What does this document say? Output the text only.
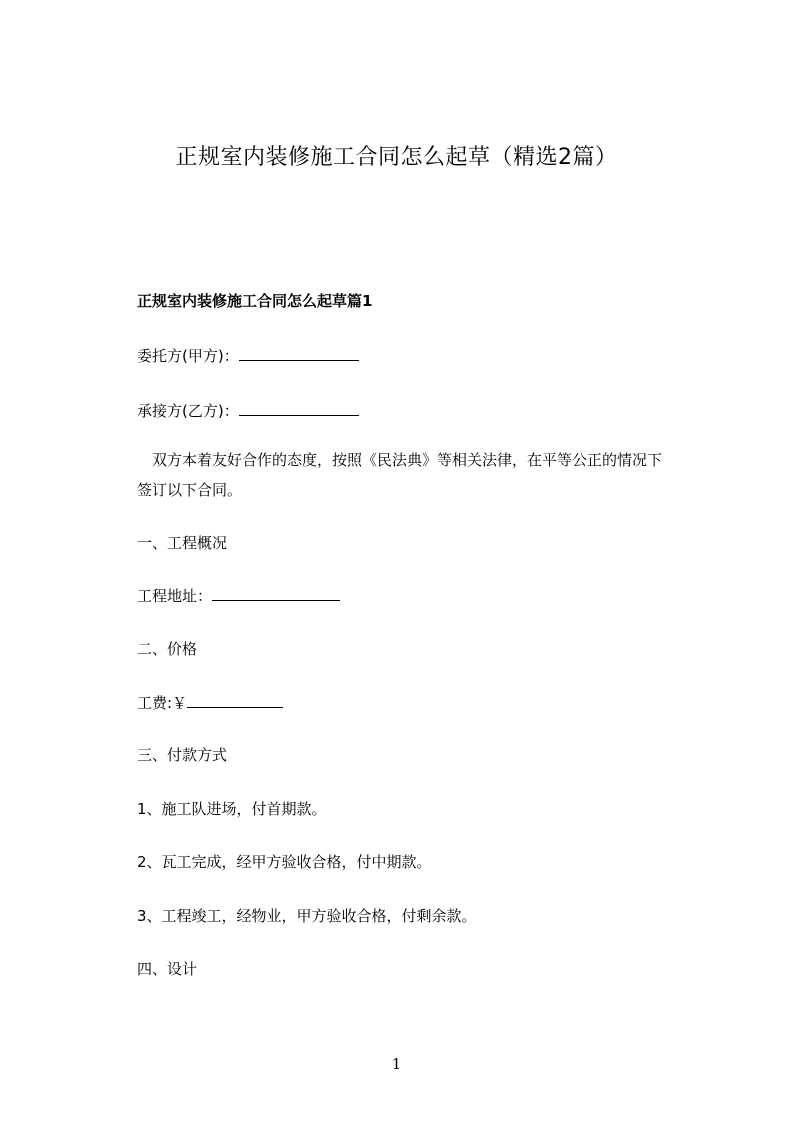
正规室内装修施工合同怎么起草（精选2篇）
正规室内装修施工合同怎么起草篇1
委托方(甲方)：
承接方(乙方)：
双方本着友好合作的态度，按照《民法典》等相关法律，在平等公正的情况下签订以下合同。
一、工程概况
工程地址：
二、价格
工费:￥
三、付款方式
1、施工队进场，付首期款。
2、瓦工完成，经甲方验收合格，付中期款。
3、工程竣工，经物业，甲方验收合格，付剩余款。
四、设计
1
